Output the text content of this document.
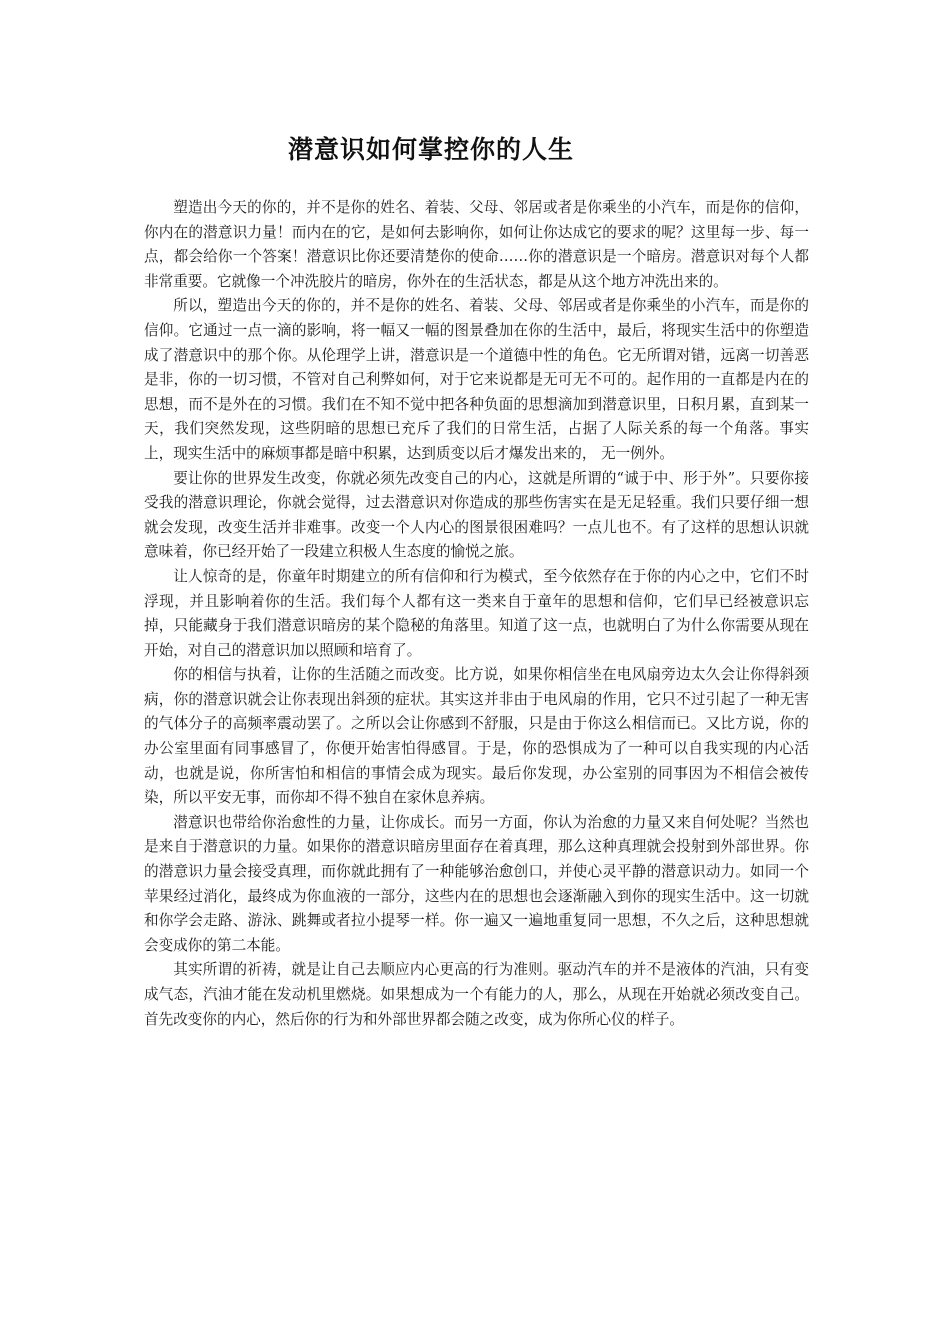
潜意识如何掌控你的人生

塑造出今天的你的，并不是你的姓名、着装、父母、邻居或者是你乘坐的小汽车，而是你的信仰，你内在的潜意识力量！而内在的它，是如何去影响你，如何让你达成它的要求的呢？这里每一步、每一点，都会给你一个答案！潜意识比你还要清楚你的使命……你的潜意识是一个暗房。潜意识对每个人都非常重要。它就像一个冲洗胶片的暗房，你外在的生活状态，都是从这个地方冲洗出来的。

所以，塑造出今天的你的，并不是你的姓名、着装、父母、邻居或者是你乘坐的小汽车，而是你的信仰。它通过一点一滴的影响，将一幅又一幅的图景叠加在你的生活中，最后，将现实生活中的你塑造成了潜意识中的那个你。从伦理学上讲，潜意识是一个道德中性的角色。它无所谓对错，远离一切善恶是非，你的一切习惯，不管对自己利弊如何，对于它来说都是无可无不可的。起作用的一直都是内在的思想，而不是外在的习惯。我们在不知不觉中把各种负面的思想滴加到潜意识里，日积月累，直到某一天，我们突然发现，这些阴暗的思想已充斥了我们的日常生活，占据了人际关系的每一个角落。事实上，现实生活中的麻烦事都是暗中积累，达到质变以后才爆发出来的， 无一例外。

要让你的世界发生改变，你就必须先改变自己的内心，这就是所谓的“诚于中、形于外”。只要你接受我的潜意识理论，你就会觉得，过去潜意识对你造成的那些伤害实在是无足轻重。我们只要仔细一想就会发现，改变生活并非难事。改变一个人内心的图景很困难吗？一点儿也不。有了这样的思想认识就意味着，你已经开始了一段建立积极人生态度的愉悦之旅。

让人惊奇的是，你童年时期建立的所有信仰和行为模式，至今依然存在于你的内心之中，它们不时浮现，并且影响着你的生活。我们每个人都有这一类来自于童年的思想和信仰，它们早已经被意识忘掉，只能藏身于我们潜意识暗房的某个隐秘的角落里。知道了这一点，也就明白了为什么你需要从现在开始，对自己的潜意识加以照顾和培育了。

你的相信与执着，让你的生活随之而改变。比方说，如果你相信坐在电风扇旁边太久会让你得斜颈病，你的潜意识就会让你表现出斜颈的症状。其实这并非由于电风扇的作用，它只不过引起了一种无害的气体分子的高频率震动罢了。之所以会让你感到不舒服，只是由于你这么相信而已。又比方说，你的办公室里面有同事感冒了，你便开始害怕得感冒。于是，你的恐惧成为了一种可以自我实现的内心活动，也就是说，你所害怕和相信的事情会成为现实。最后你发现，办公室别的同事因为不相信会被传染，所以平安无事，而你却不得不独自在家休息养病。

潜意识也带给你治愈性的力量，让你成长。而另一方面，你认为治愈的力量又来自何处呢？当然也是来自于潜意识的力量。如果你的潜意识暗房里面存在着真理，那么这种真理就会投射到外部世界。你的潜意识力量会接受真理，而你就此拥有了一种能够治愈创口，并使心灵平静的潜意识动力。如同一个苹果经过消化，最终成为你血液的一部分，这些内在的思想也会逐渐融入到你的现实生活中。这一切就和你学会走路、游泳、跳舞或者拉小提琴一样。你一遍又一遍地重复同一思想，不久之后，这种思想就会变成你的第二本能。

其实所谓的祈祷，就是让自己去顺应内心更高的行为准则。驱动汽车的并不是液体的汽油，只有变成气态，汽油才能在发动机里燃烧。如果想成为一个有能力的人，那么，从现在开始就必须改变自己。首先改变你的内心，然后你的行为和外部世界都会随之改变，成为你所心仪的样子。
